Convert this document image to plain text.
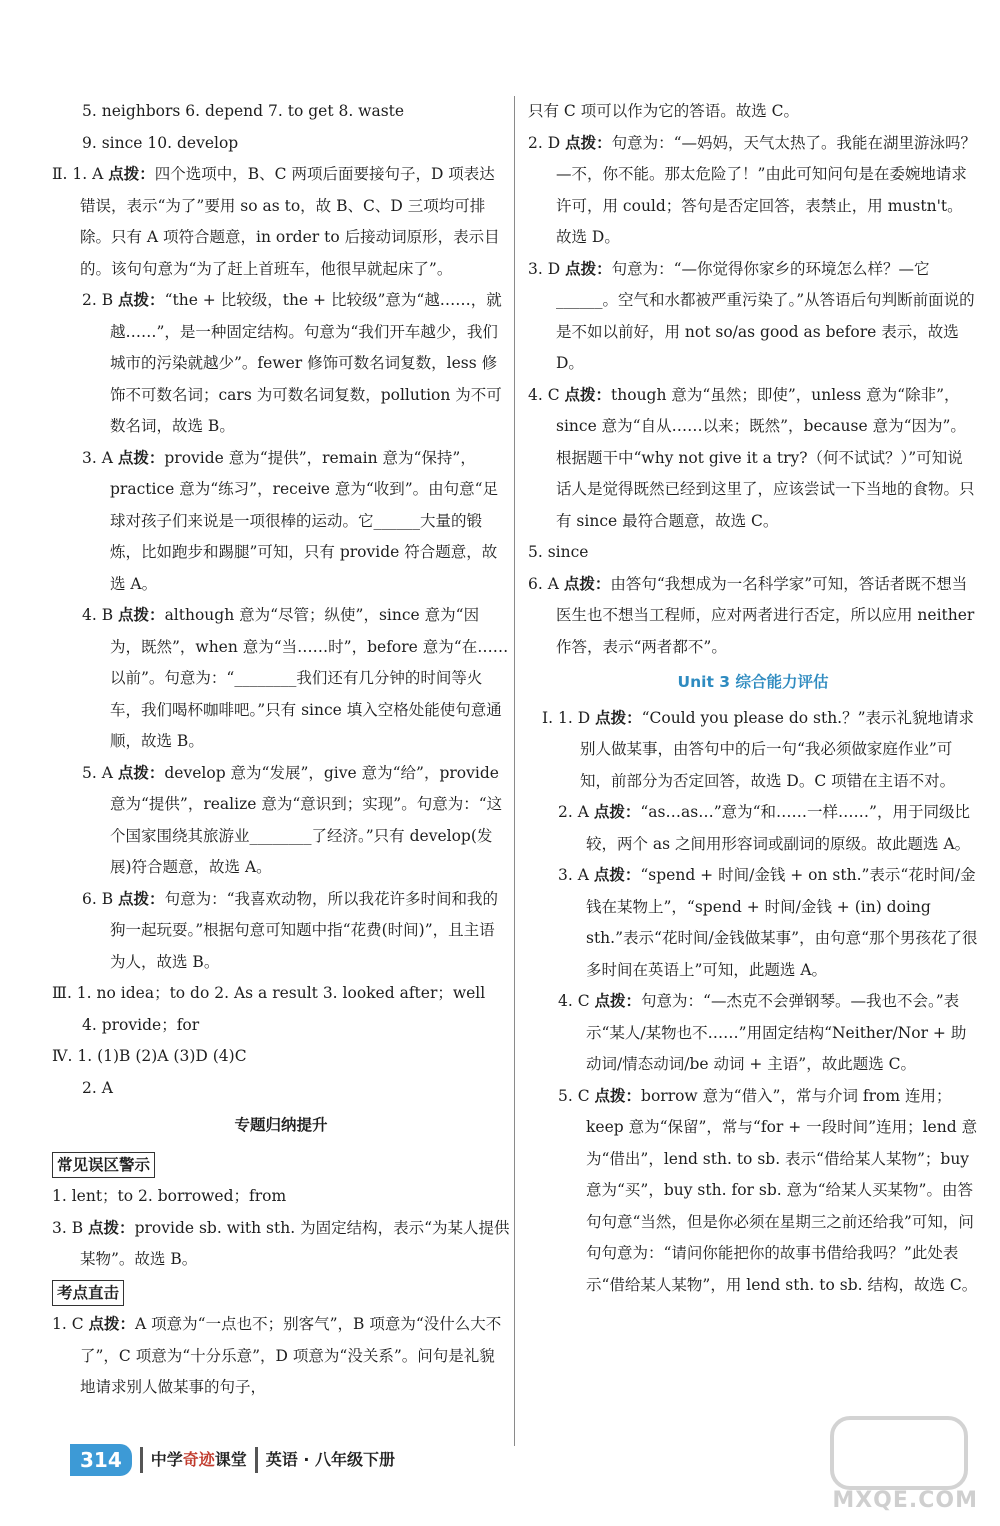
5. neighbors 6. depend 7. to get 8. waste

9. since 10. develop

Ⅱ. 1. A 点拨：四个选项中，B、C 两项后面要接句子，D 项表达错误，表示“为了”要用 so as to，故 B、C、D 三项均可排除。只有 A 项符合题意，in order to 后接动词原形，表示目的。该句句意为“为了赶上首班车，他很早就起床了”。

2. B 点拨：“the + 比较级，the + 比较级”意为“越……，就越……”，是一种固定结构。句意为“我们开车越少，我们城市的污染就越少”。fewer 修饰可数名词复数，less 修饰不可数名词；cars 为可数名词复数，pollution 为不可数名词，故选 B。

3. A 点拨：provide 意为“提供”，remain 意为“保持”，practice 意为“练习”，receive 意为“收到”。由句意“足球对孩子们来说是一项很棒的运动。它______大量的锻炼，比如跑步和踢腿”可知，只有 provide 符合题意，故选 A。

4. B 点拨：although 意为“尽管；纵使”，since 意为“因为，既然”，when 意为“当……时”，before 意为“在……以前”。句意为：“________我们还有几分钟的时间等火车，我们喝杯咖啡吧。”只有 since 填入空格处能使句意通顺，故选 B。

5. A 点拨：develop 意为“发展”，give 意为“给”，provide 意为“提供”，realize 意为“意识到；实现”。句意为：“这个国家围绕其旅游业________了经济。”只有 develop(发展)符合题意，故选 A。

6. B 点拨：句意为：“我喜欢动物，所以我花许多时间和我的狗一起玩耍。”根据句意可知题中指“花费(时间)”，且主语为人，故选 B。

Ⅲ. 1. no idea；to do 2. As a result 3. looked after；well

4. provide；for

Ⅳ. 1. (1)B (2)A (3)D (4)C

2. A

专题归纳提升

常见误区警示

1. lent；to 2. borrowed；from

3. B 点拨：provide sb. with sth. 为固定结构，表示“为某人提供某物”。故选 B。

考点直击

1. C 点拨：A 项意为“一点也不；别客气”，B 项意为“没什么大不了”，C 项意为“十分乐意”，D 项意为“没关系”。问句是礼貌地请求别人做某事的句子，

只有 C 项可以作为它的答语。故选 C。

2. D 点拨：句意为：“—妈妈，天气太热了。我能在湖里游泳吗？—不，你不能。那太危险了！”由此可知问句是在委婉地请求许可，用 could；答句是否定回答，表禁止，用 mustn't。故选 D。

3. D 点拨：句意为：“—你觉得你家乡的环境怎么样？—它______。空气和水都被严重污染了。”从答语后句判断前面说的是不如以前好，用 not so/as good as before 表示，故选 D。

4. C 点拨：though 意为“虽然；即使”，unless 意为“除非”，since 意为“自从……以来；既然”，because 意为“因为”。根据题干中“why not give it a try?（何不试试？）”可知说话人是觉得既然已经到这里了，应该尝试一下当地的食物。只有 since 最符合题意，故选 C。

5. since

6. A 点拨：由答句“我想成为一名科学家”可知，答话者既不想当医生也不想当工程师，应对两者进行否定，所以应用 neither 作答，表示“两者都不”。

Unit 3 综合能力评估

Ⅰ. 1. D 点拨：“Could you please do sth.？”表示礼貌地请求别人做某事，由答句中的后一句“我必须做家庭作业”可知，前部分为否定回答，故选 D。C 项错在主语不对。

2. A 点拨：“as…as…”意为“和……一样……”，用于同级比较，两个 as 之间用形容词或副词的原级。故此题选 A。

3. A 点拨：“spend + 时间/金钱 + on sth.”表示“花时间/金钱在某物上”，“spend + 时间/金钱 + (in) doing sth.”表示“花时间/金钱做某事”，由句意“那个男孩花了很多时间在英语上”可知，此题选 A。

4. C 点拨：句意为：“—杰克不会弹钢琴。—我也不会。”表示“某人/某物也不……”用固定结构“Neither/Nor + 助动词/情态动词/be 动词 + 主语”，故此题选 C。

5. C 点拨：borrow 意为“借入”，常与介词 from 连用；keep 意为“保留”，常与“for + 一段时间”连用；lend 意为“借出”，lend sth. to sb. 表示“借给某人某物”；buy 意为“买”，buy sth. for sb. 意为“给某人买某物”。由答句句意“当然，但是你必须在星期三之前还给我”可知，问句句意为：“请问你能把你的故事书借给我吗？”此处表示“借给某人某物”，用 lend sth. to sb. 结构，故选 C。

314	中学奇迹课堂 英语 · 八年级下册
MXQE.COM
